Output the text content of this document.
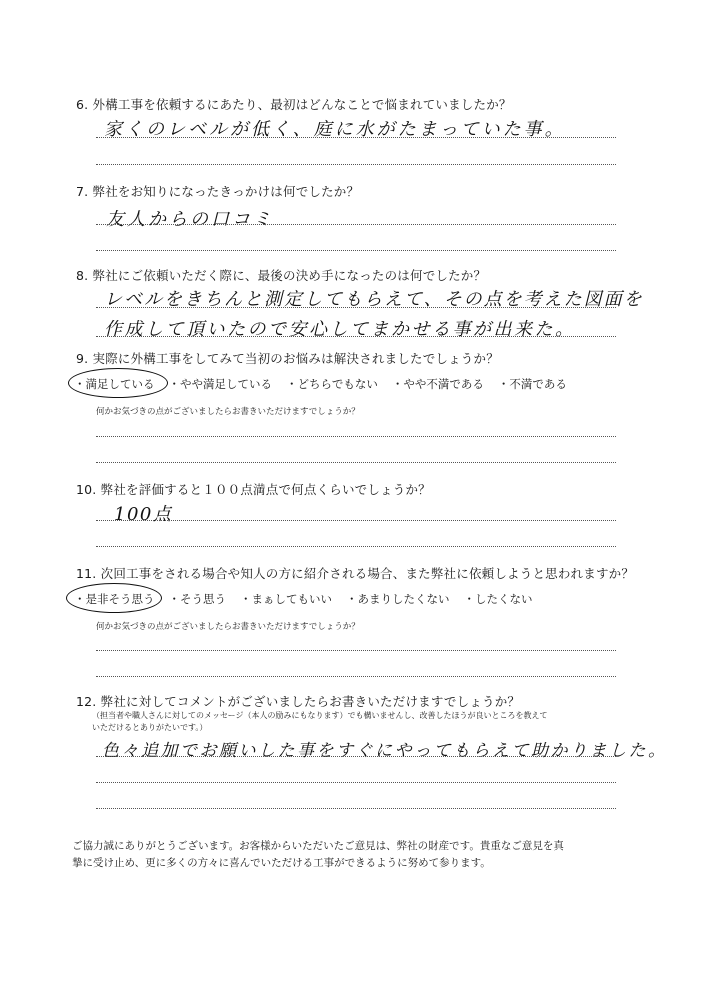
6. 外構工事を依頼するにあたり、最初はどんなことで悩まれていましたか？
家くのレベルが低く、庭に水がたまっていた事。
7. 弊社をお知りになったきっかけは何でしたか？
友人からの口コミ
8. 弊社にご依頼いただく際に、最後の決め手になったのは何でしたか？
レベルをきちんと測定してもらえて、その点を考えた図面を
作成して頂いたので安心してまかせる事が出来た。
9. 実際に外構工事をしてみて当初のお悩みは解決されましたでしょうか？
・満足している ・やや満足している ・どちらでもない ・やや不満である ・不満である
何かお気づきの点がございましたらお書きいただけますでしょうか？
10. 弊社を評価すると１００点満点で何点くらいでしょうか？
100点
11. 次回工事をされる場合や知人の方に紹介される場合、また弊社に依頼しようと思われますか？
・是非そう思う ・そう思う ・まぁしてもいい ・あまりしたくない ・したくない
何かお気づきの点がございましたらお書きいただけますでしょうか？
12. 弊社に対してコメントがございましたらお書きいただけますでしょうか？
（担当者や職人さんに対してのメッセージ（本人の励みにもなります）でも構いませんし、改善したほうが良いところを教えて
いただけるとありがたいです。）
色々追加でお願いした事をすぐにやってもらえて助かりました。
ご協力誠にありがとうございます。お客様からいただいたご意見は、弊社の財産です。貴重なご意見を真
摯に受け止め、更に多くの方々に喜んでいただける工事ができるように努めて参ります。
